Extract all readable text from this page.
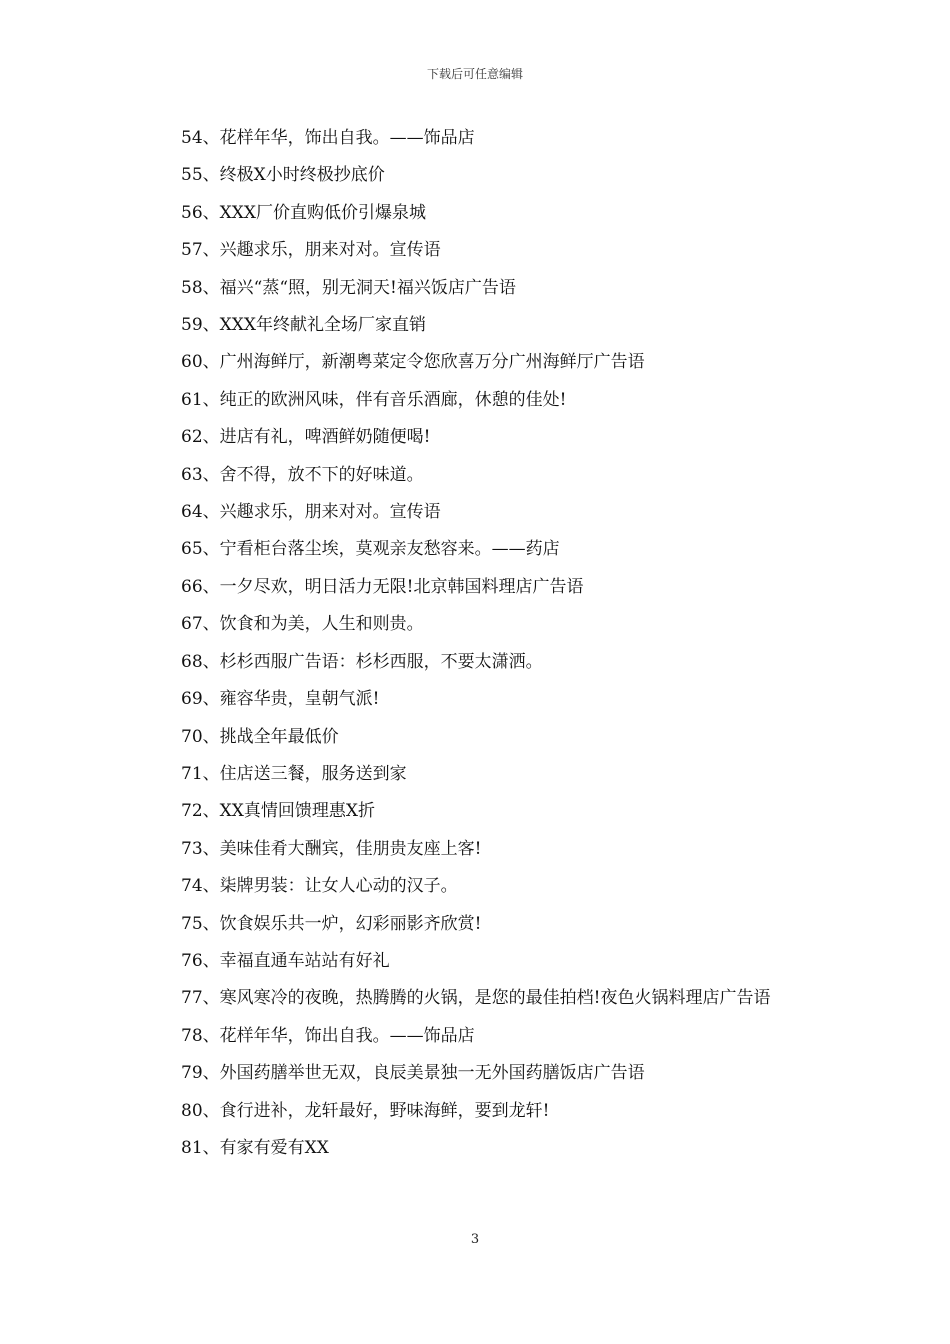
下载后可任意编辑

54、花样年华，饰出自我。——饰品店

55、终极X小时终极抄底价

56、XXX厂价直购低价引爆泉城

57、兴趣求乐，朋来对对。宣传语

58、福兴“蒸“照，别无洞天!福兴饭店广告语

59、XXX年终献礼全场厂家直销

60、广州海鲜厅，新潮粤菜定令您欣喜万分广州海鲜厅广告语

61、纯正的欧洲风味，伴有音乐酒廊，休憩的佳处!

62、进店有礼，啤酒鲜奶随便喝!

63、舍不得，放不下的好味道。

64、兴趣求乐，朋来对对。宣传语

65、宁看柜台落尘埃，莫观亲友愁容来。——药店

66、一夕尽欢，明日活力无限!北京韩国料理店广告语

67、饮食和为美，人生和则贵。

68、杉杉西服广告语：杉杉西服，不要太潇洒。

69、雍容华贵，皇朝气派!

70、挑战全年最低价

71、住店送三餐，服务送到家

72、XX真情回馈理惠X折

73、美味佳肴大酬宾，佳朋贵友座上客!

74、柒牌男装：让女人心动的汉子。

75、饮食娱乐共一炉，幻彩丽影齐欣赏!

76、幸福直通车站站有好礼

77、寒风寒冷的夜晚，热腾腾的火锅，是您的最佳拍档!夜色火锅料理店广告语

78、花样年华，饰出自我。——饰品店

79、外国药膳举世无双，良辰美景独一无外国药膳饭店广告语

80、食行进补，龙轩最好，野味海鲜，要到龙轩!

81、有家有爱有XX

3
